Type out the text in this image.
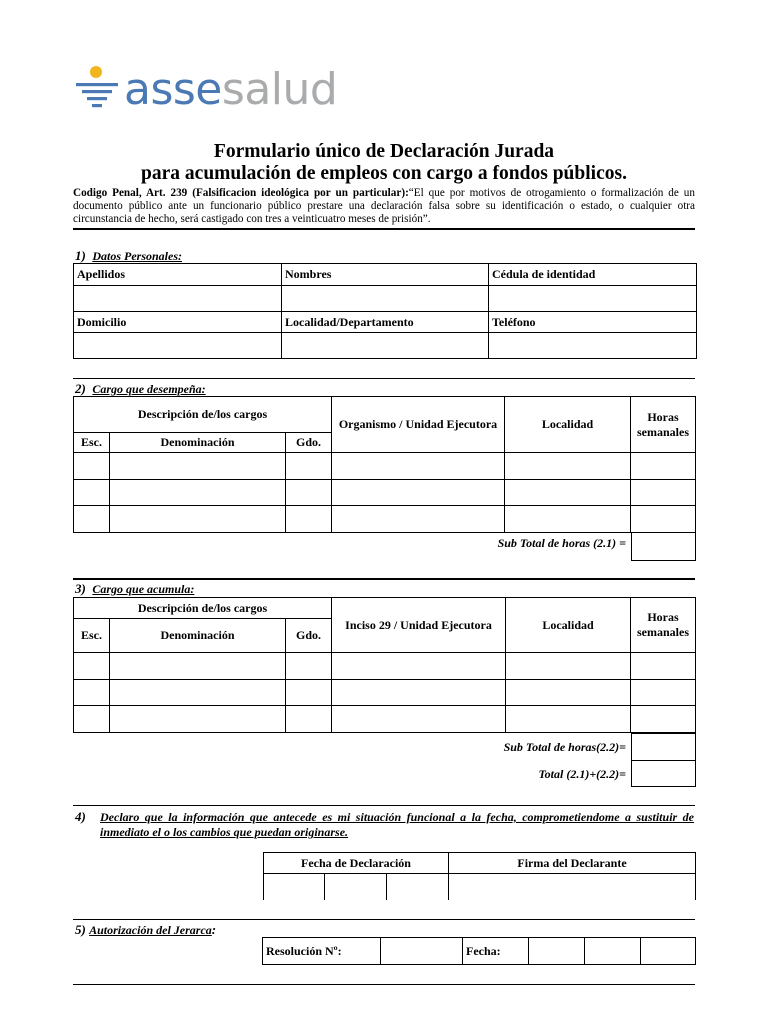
assesalud
Formulario único de Declaración Jurada
para acumulación de empleos con cargo a fondos públicos.
Codigo Penal, Art. 239 (Falsificacion ideológica por un particular):“El que por motivos de otrogamiento o formalización de un documento público ante un funcionario público prestare una declaración falsa sobre su identificación o estado, o cualquier otra circunstancia de hecho, será castigado con tres a veinticuatro meses de prisión”.
1) Datos Personales:
Apellidos	Nombres	Cédula de identidad

Domicilio	Localidad/Departamento	Teléfono

2) Cargo que desempeña:
Descripción de/los cargos			Organismo / Unidad Ejecutora	Localidad	Horas semanales
Esc.	Denominación	Gdo.			

Sub Total de horas (2.1) =
3) Cargo que acumula:
Descripción de/los cargos			Inciso 29 / Unidad Ejecutora	Localidad	Horas semanales
Esc.	Denominación	Gdo.			

Sub Total de horas(2.2)=
Total (2.1)+(2.2)=
4) Declaro que la información que antecede es mi situación funcional a la fecha, comprometiendome a sustituir de inmediato el o los cambios que puedan originarse.
Fecha de Declaración			Firma del Declarante

5) Autorización del Jerarca:
Resolución Nº:		Fecha:			
